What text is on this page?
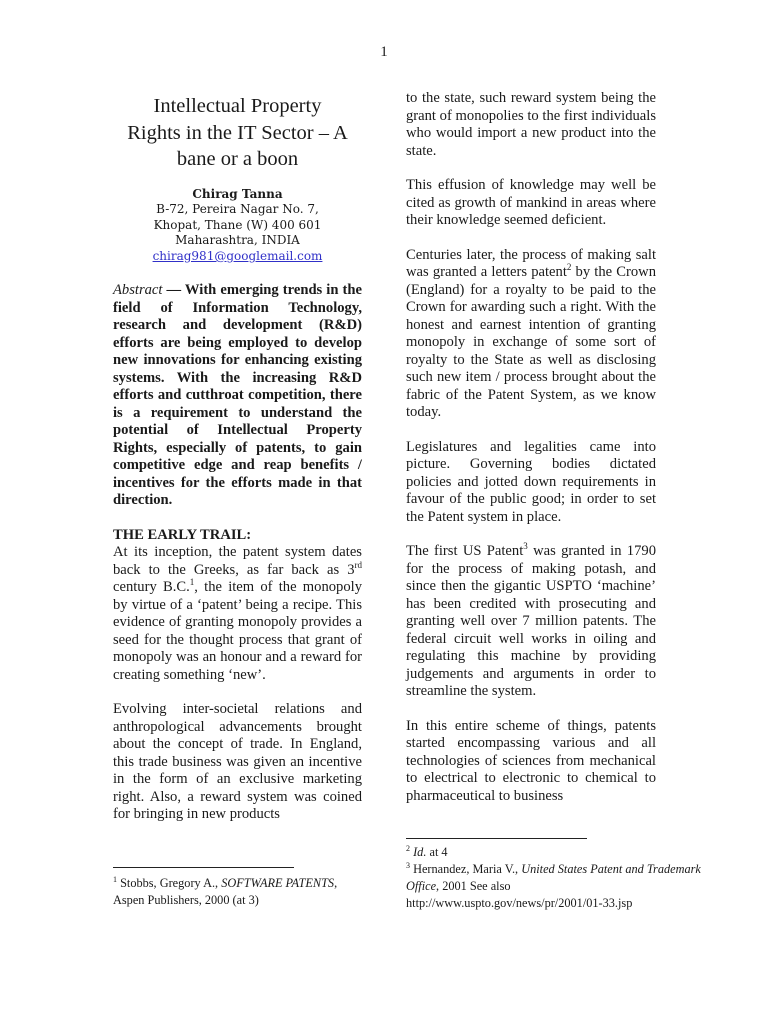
1
Intellectual Property
Rights in the IT Sector – A
bane or a boon
Chirag Tanna
B-72, Pereira Nagar No. 7,
Khopat, Thane (W) 400 601
Maharashtra, INDIA
chirag981@googlemail.com

Abstract — With emerging trends in the field of Information Technology, research and development (R&D) efforts are being employed to develop new innovations for enhancing existing systems. With the increasing R&D efforts and cutthroat competition, there is a requirement to understand the potential of Intellectual Property Rights, especially of patents, to gain competitive edge and reap benefits / incentives for the efforts made in that direction.

THE EARLY TRAIL:

At its inception, the patent system dates back to the Greeks, as far back as 3rd century B.C.$^1$, the item of the monopoly by virtue of a ‘patent’ being a recipe. This evidence of granting monopoly provides a seed for the thought process that grant of monopoly was an honour and a reward for creating something ‘new’.

Evolving inter-societal relations and anthropological advancements brought about the concept of trade. In England, this trade business was given an incentive in the form of an exclusive marketing right. Also, a reward system was coined for bringing in new products

to the state, such reward system being the grant of monopolies to the first individuals who would import a new product into the state.

This effusion of knowledge may well be cited as growth of mankind in areas where their knowledge seemed deficient.

Centuries later, the process of making salt was granted a letters patent$^2$ by the Crown (England) for a royalty to be paid to the Crown for awarding such a right. With the honest and earnest intention of granting monopoly in exchange of some sort of royalty to the State as well as disclosing such new item / process brought about the fabric of the Patent System, as we know today.

Legislatures and legalities came into picture. Governing bodies dictated policies and jotted down requirements in favour of the public good; in order to set the Patent system in place.

The first US Patent$^3$ was granted in 1790 for the process of making potash, and since then the gigantic USPTO ‘machine’ has been credited with prosecuting and granting well over 7 million patents. The federal circuit well works in oiling and regulating this machine by providing judgements and arguments in order to streamline the system.

In this entire scheme of things, patents started encompassing various and all technologies of sciences from mechanical to electrical to electronic to chemical to pharmaceutical to business

$^1$ Stobbs, Gregory A., SOFTWARE PATENTS,
Aspen Publishers, 2000 (at 3)
$^2$ Id. at 4
$^3$ Hernandez, Maria V., United States Patent and Trademark Office, 2001 See also
http://www.uspto.gov/news/pr/2001/01-33.jsp
